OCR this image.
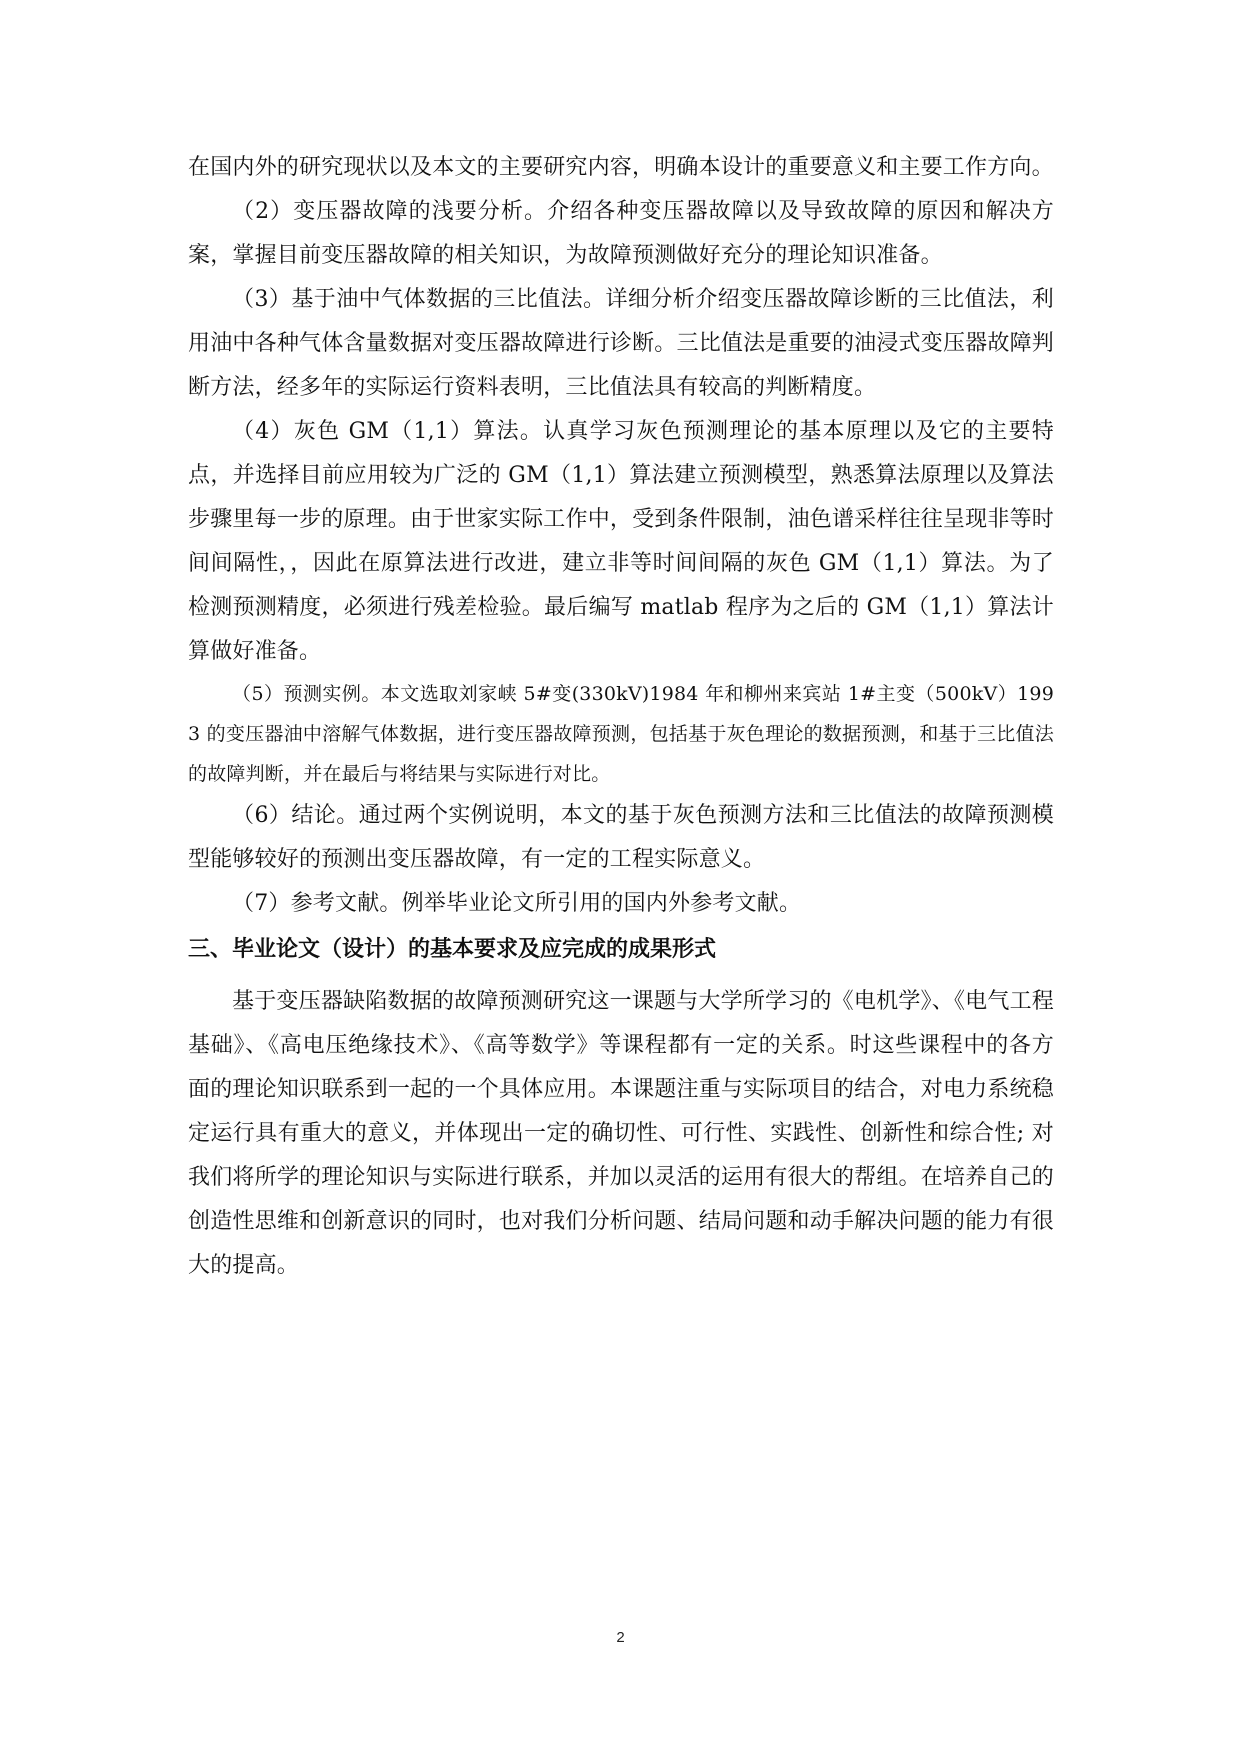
在国内外的研究现状以及本文的主要研究内容，明确本设计的重要意义和主要工作方向。

（2）变压器故障的浅要分析。介绍各种变压器故障以及导致故障的原因和解决方案，掌握目前变压器故障的相关知识，为故障预测做好充分的理论知识准备。

（3）基于油中气体数据的三比值法。详细分析介绍变压器故障诊断的三比值法，利用油中各种气体含量数据对变压器故障进行诊断。三比值法是重要的油浸式变压器故障判断方法，经多年的实际运行资料表明，三比值法具有较高的判断精度。

（4）灰色 GM（1,1）算法。认真学习灰色预测理论的基本原理以及它的主要特点，并选择目前应用较为广泛的 GM（1,1）算法建立预测模型，熟悉算法原理以及算法步骤里每一步的原理。由于世家实际工作中，受到条件限制，油色谱采样往往呈现非等时间间隔性，，因此在原算法进行改进，建立非等时间间隔的灰色 GM（1,1）算法。为了检测预测精度，必须进行残差检验。最后编写 matlab 程序为之后的 GM（1,1）算法计算做好准备。

（5）预测实例。本文选取刘家峡 5#变(330kV)1984 年和柳州来宾站 1#主变（500kV）1993 的变压器油中溶解气体数据，进行变压器故障预测，包括基于灰色理论的数据预测，和基于三比值法的故障判断，并在最后与将结果与实际进行对比。

（6）结论。通过两个实例说明，本文的基于灰色预测方法和三比值法的故障预测模型能够较好的预测出变压器故障，有一定的工程实际意义。

（7）参考文献。例举毕业论文所引用的国内外参考文献。

三、毕业论文（设计）的基本要求及应完成的成果形式

基于变压器缺陷数据的故障预测研究这一课题与大学所学习的《电机学》、《电气工程基础》、《高电压绝缘技术》、《高等数学》等课程都有一定的关系。时这些课程中的各方面的理论知识联系到一起的一个具体应用。本课题注重与实际项目的结合，对电力系统稳定运行具有重大的意义，并体现出一定的确切性、可行性、实践性、创新性和综合性; 对我们将所学的理论知识与实际进行联系，并加以灵活的运用有很大的帮组。在培养自己的创造性思维和创新意识的同时，也对我们分析问题、结局问题和动手解决问题的能力有很大的提高。

2
